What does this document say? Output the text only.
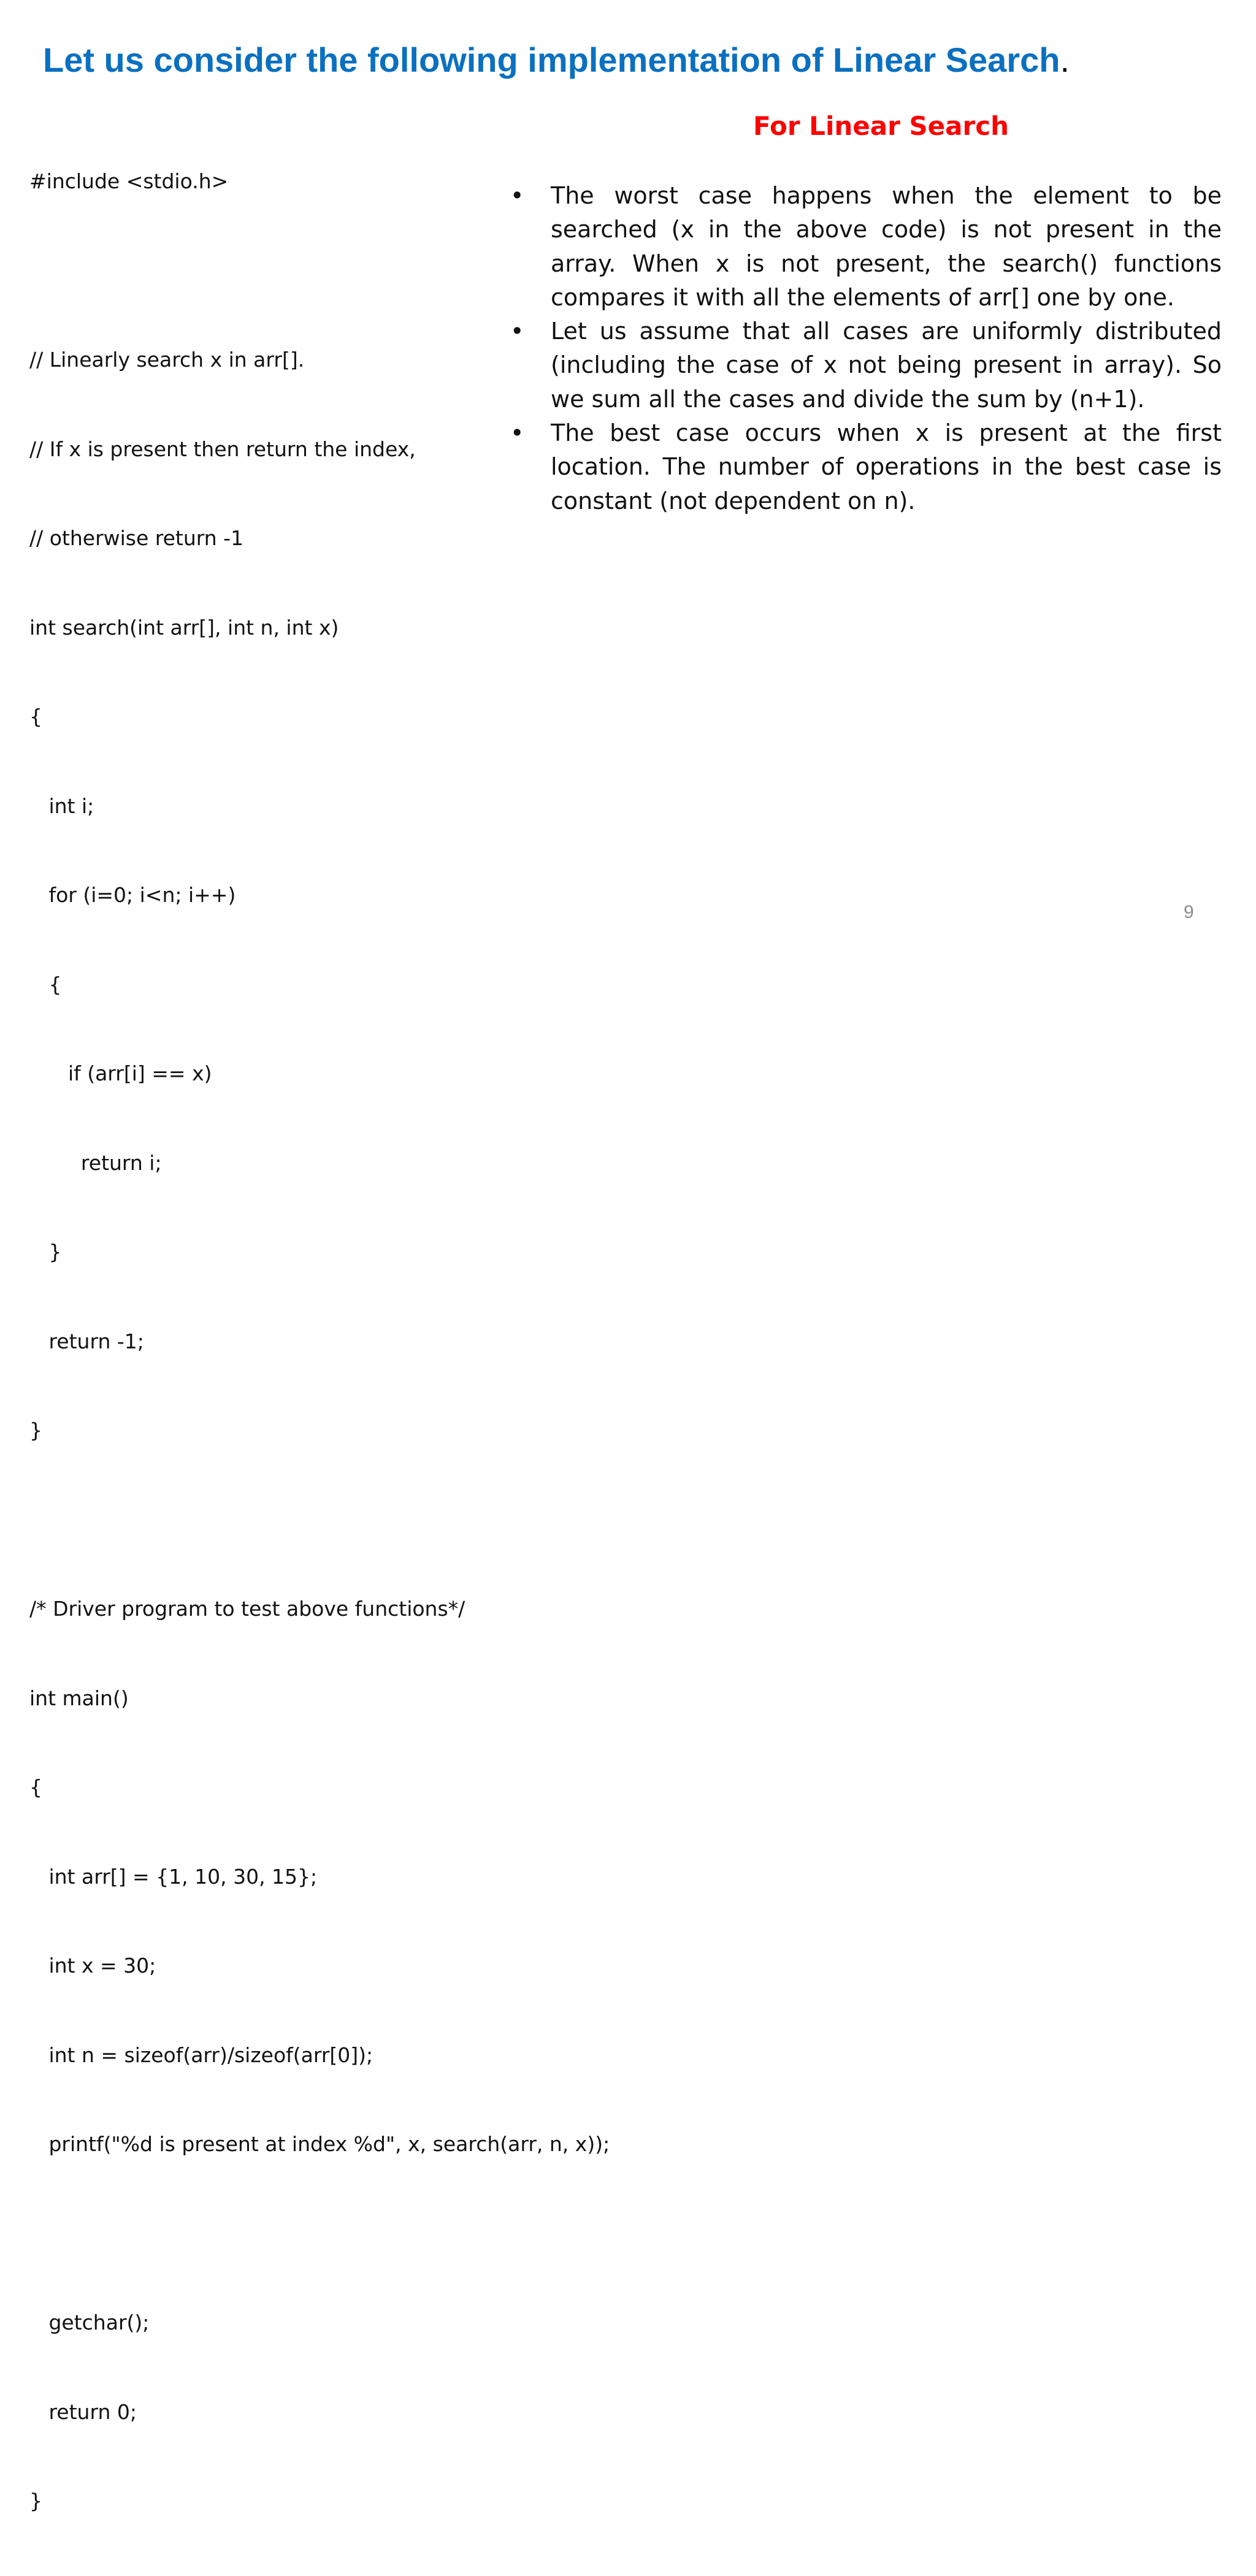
Let us consider the following implementation of Linear Search.

#include <stdio.h>

// Linearly search x in arr[].

// If x is present then return the index,

// otherwise return -1

int search(int arr[], int n, int x)

{

int i;

for (i=0; i<n; i++)

{

if (arr[i] == x)

return i;

}

return -1;

}

/* Driver program to test above functions*/

int main()

{

int arr[] = {1, 10, 30, 15};

int x = 30;

int n = sizeof(arr)/sizeof(arr[0]);

printf("%d is present at index %d", x, search(arr, n, x));

getchar();

return 0;

}

For Linear Search
• The worst case happens when the element to be searched (x in the above code) is not present in the array. When x is not present, the search() functions compares it with all the elements of arr[] one by one.
• Let us assume that all cases are uniformly distributed (including the case of x not being present in array). So we sum all the cases and divide the sum by (n+1).
• The best case occurs when x is present at the first location. The number of operations in the best case is constant (not dependent on n).
9
